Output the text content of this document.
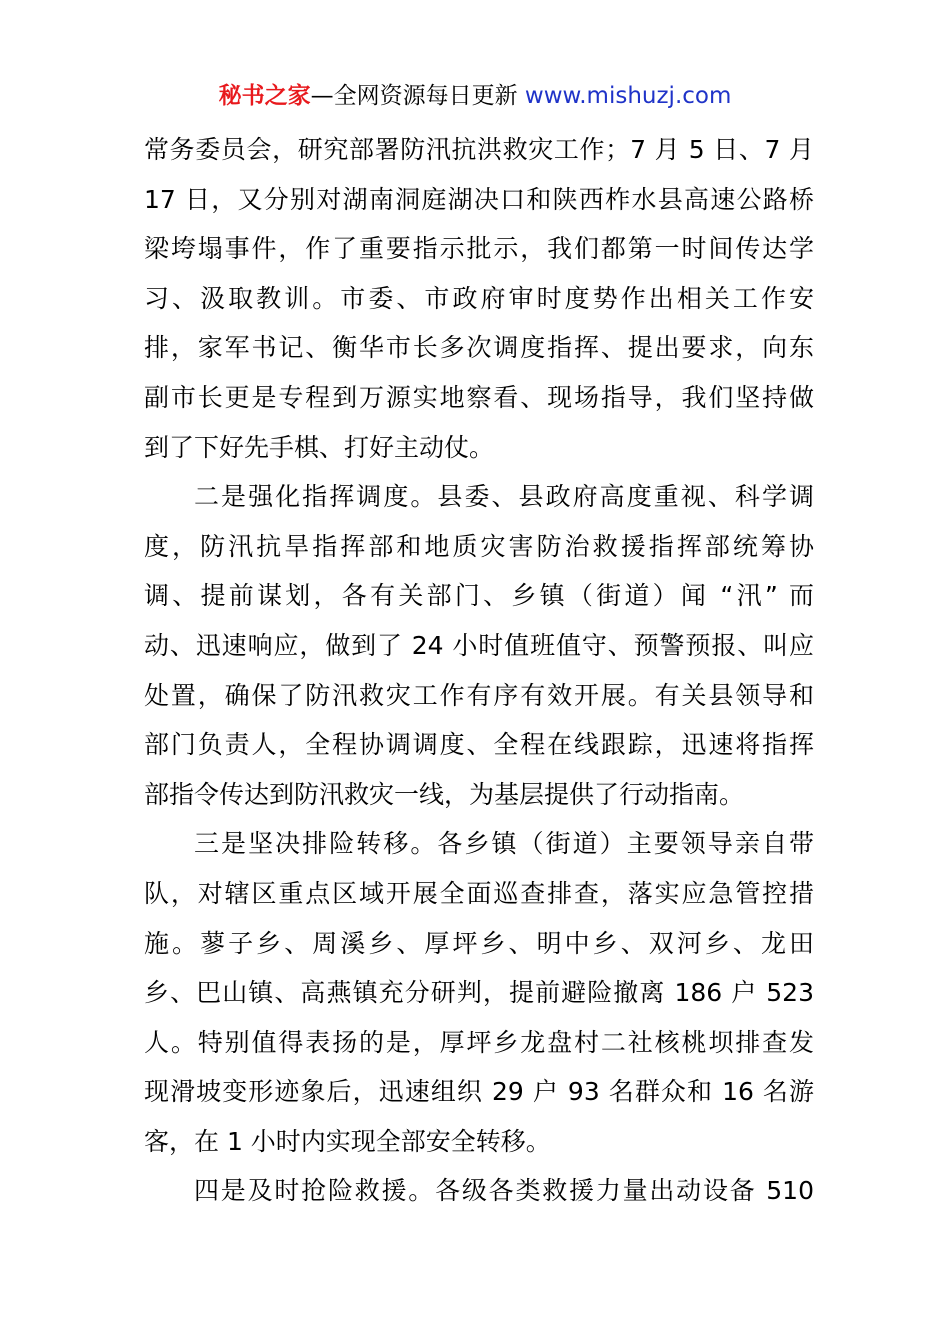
秘书之家—全网资源每日更新 www.mishuzj.com
常务委员会，研究部署防汛抗洪救灾工作；7 月 5 日、7 月
17 日，又分别对湖南洞庭湖决口和陕西柞水县高速公路桥
梁垮塌事件，作了重要指示批示，我们都第一时间传达学
习、汲取教训。市委、市政府审时度势作出相关工作安
排，家军书记、衡华市长多次调度指挥、提出要求，向东
副市长更是专程到万源实地察看、现场指导，我们坚持做
到了下好先手棋、打好主动仗。
二是强化指挥调度。县委、县政府高度重视、科学调
度，防汛抗旱指挥部和地质灾害防治救援指挥部统筹协
调、提前谋划，各有关部门、乡镇（街道）闻 “汛” 而
动、迅速响应，做到了 24 小时值班值守、预警预报、叫应
处置，确保了防汛救灾工作有序有效开展。有关县领导和
部门负责人，全程协调调度、全程在线跟踪，迅速将指挥
部指令传达到防汛救灾一线，为基层提供了行动指南。
三是坚决排险转移。各乡镇（街道）主要领导亲自带
队，对辖区重点区域开展全面巡查排查，落实应急管控措
施。蓼子乡、周溪乡、厚坪乡、明中乡、双河乡、龙田
乡、巴山镇、高燕镇充分研判，提前避险撤离 186 户 523
人。特别值得表扬的是，厚坪乡龙盘村二社核桃坝排查发
现滑坡变形迹象后，迅速组织 29 户 93 名群众和 16 名游
客，在 1 小时内实现全部安全转移。
四是及时抢险救援。各级各类救援力量出动设备 510
